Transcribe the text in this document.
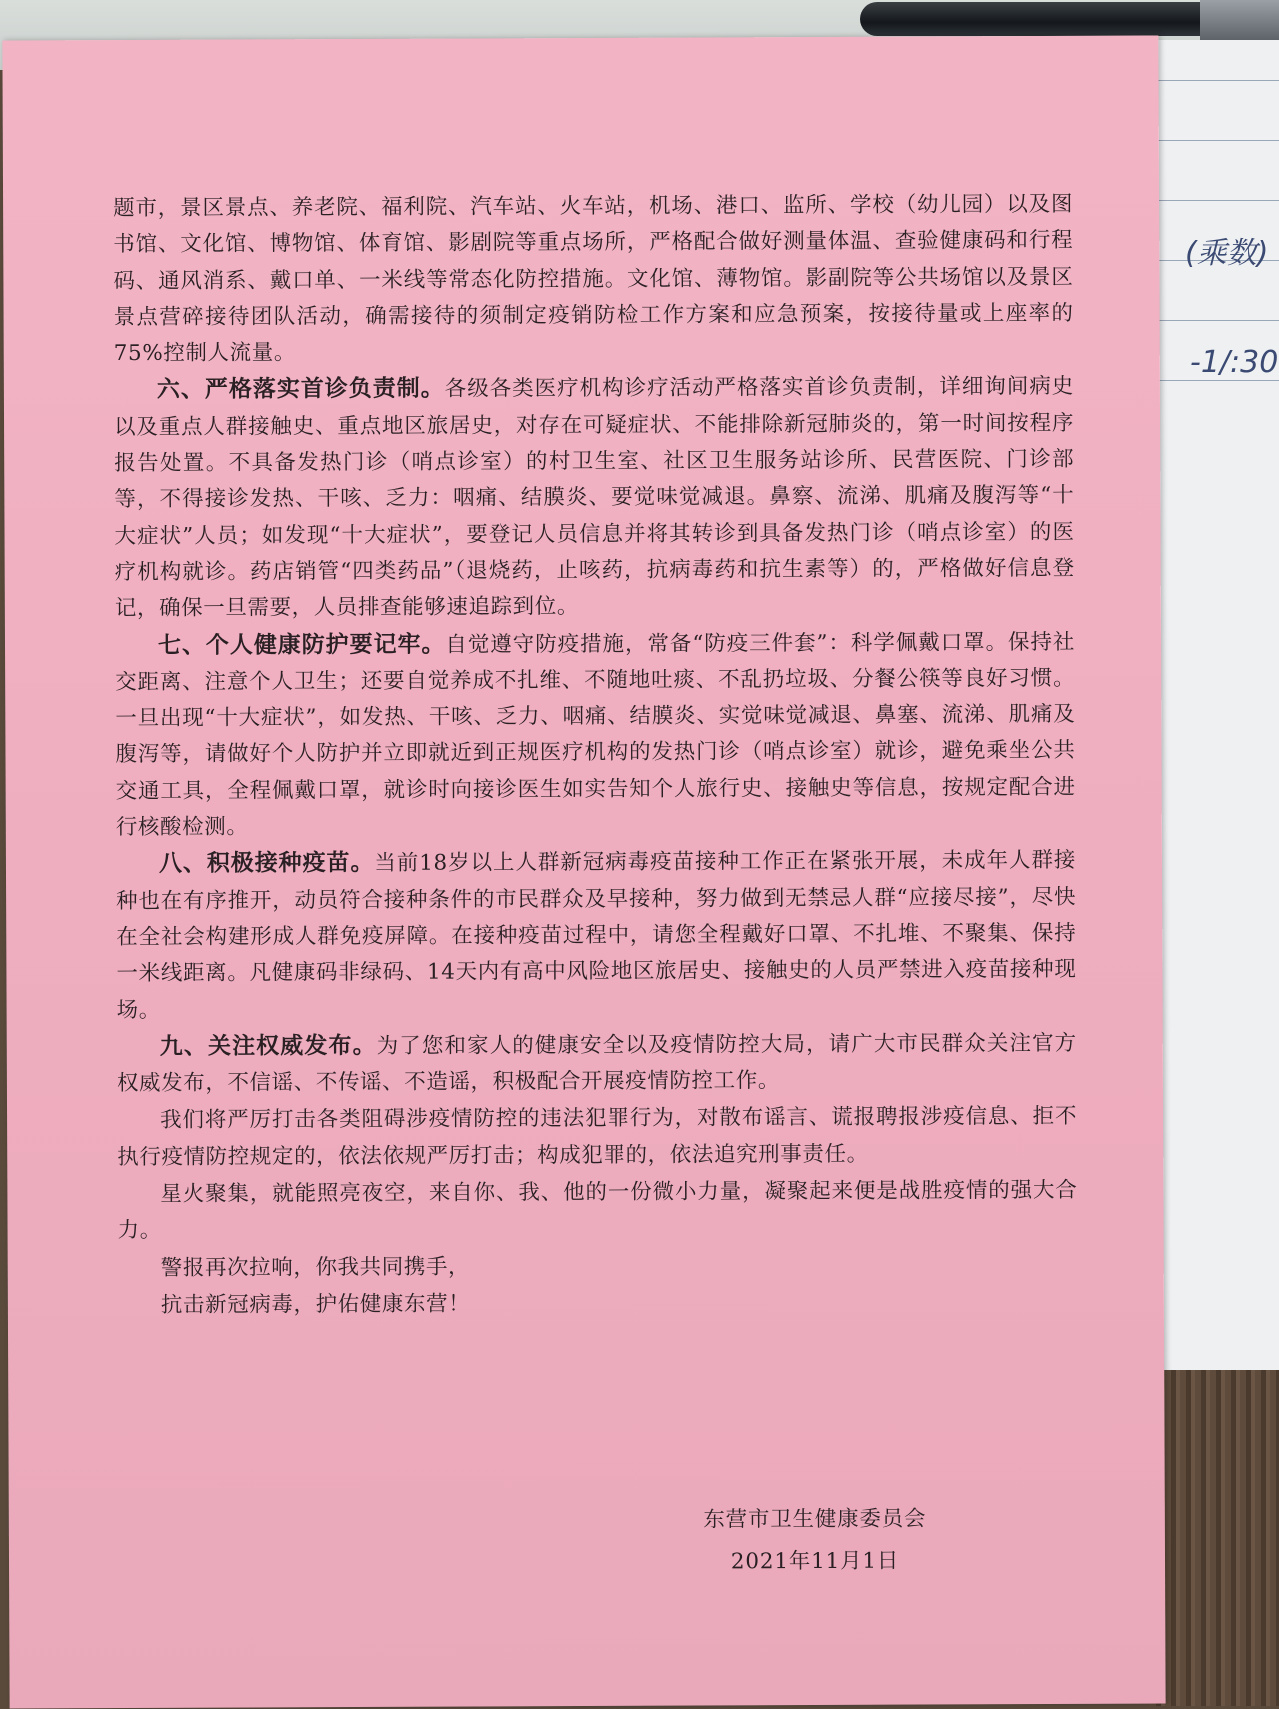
(乘数)
-1/:30

题市，景区景点、养老院、福利院、汽车站、火车站，机场、港口、监所、学校（幼儿园）以及图书馆、文化馆、博物馆、体育馆、影剧院等重点场所，严格配合做好测量体温、查验健康码和行程码、通风消系、戴口单、一米线等常态化防控措施。文化馆、薄物馆。影副院等公共场馆以及景区景点营碎接待团队活动，确需接待的须制定疫销防检工作方案和应急预案，按接待量或上座率的75%控制人流量。

六、严格落实首诊负责制。各级各类医疗机构诊疗活动严格落实首诊负责制，详细询间病史以及重点人群接触史、重点地区旅居史，对存在可疑症状、不能排除新冠肺炎的，第一时间按程序报告处置。不具备发热门诊（哨点诊室）的村卫生室、社区卫生服务站诊所、民营医院、门诊部等，不得接诊发热、干咳、乏力：咽痛、结膜炎、要觉味觉减退。鼻察、流涕、肌痛及腹泻等“十大症状”人员；如发现“十大症状”，要登记人员信息并将其转诊到具备发热门诊（哨点诊室）的医疗机构就诊。药店销管“四类药品”（退烧药，止咳药，抗病毒药和抗生素等）的，严格做好信息登记，确保一旦需要，人员排查能够速追踪到位。

七、个人健康防护要记牢。自觉遵守防疫措施，常备“防疫三件套”：科学佩戴口罩。保持社交距离、注意个人卫生；还要自觉养成不扎维、不随地吐痰、不乱扔垃圾、分餐公筷等良好习惯。一旦出现“十大症状”，如发热、干咳、乏力、咽痛、结膜炎、实觉味觉减退、鼻塞、流涕、肌痛及腹泻等，请做好个人防护并立即就近到正规医疗机构的发热门诊（哨点诊室）就诊，避免乘坐公共交通工具，全程佩戴口罩，就诊时向接诊医生如实告知个人旅行史、接触史等信息，按规定配合进行核酸检测。

八、积极接种疫苗。当前18岁以上人群新冠病毒疫苗接种工作正在紧张开展，未成年人群接种也在有序推开，动员符合接种条件的市民群众及早接种，努力做到无禁忌人群“应接尽接”，尽快在全社会构建形成人群免疫屏障。在接种疫苗过程中，请您全程戴好口罩、不扎堆、不聚集、保持一米线距离。凡健康码非绿码、14天内有高中风险地区旅居史、接触史的人员严禁进入疫苗接种现场。

九、关注权威发布。为了您和家人的健康安全以及疫情防控大局，请广大市民群众关注官方权威发布，不信谣、不传谣、不造谣，积极配合开展疫情防控工作。

我们将严厉打击各类阻碍涉疫情防控的违法犯罪行为，对散布谣言、谎报聘报涉疫信息、拒不执行疫情防控规定的，依法依规严厉打击；构成犯罪的，依法追究刑事责任。

星火聚集，就能照亮夜空，来自你、我、他的一份微小力量，凝聚起来便是战胜疫情的强大合力。

警报再次拉响，你我共同携手，

抗击新冠病毒，护佑健康东营！

东营市卫生健康委员会
2021年11月1日
